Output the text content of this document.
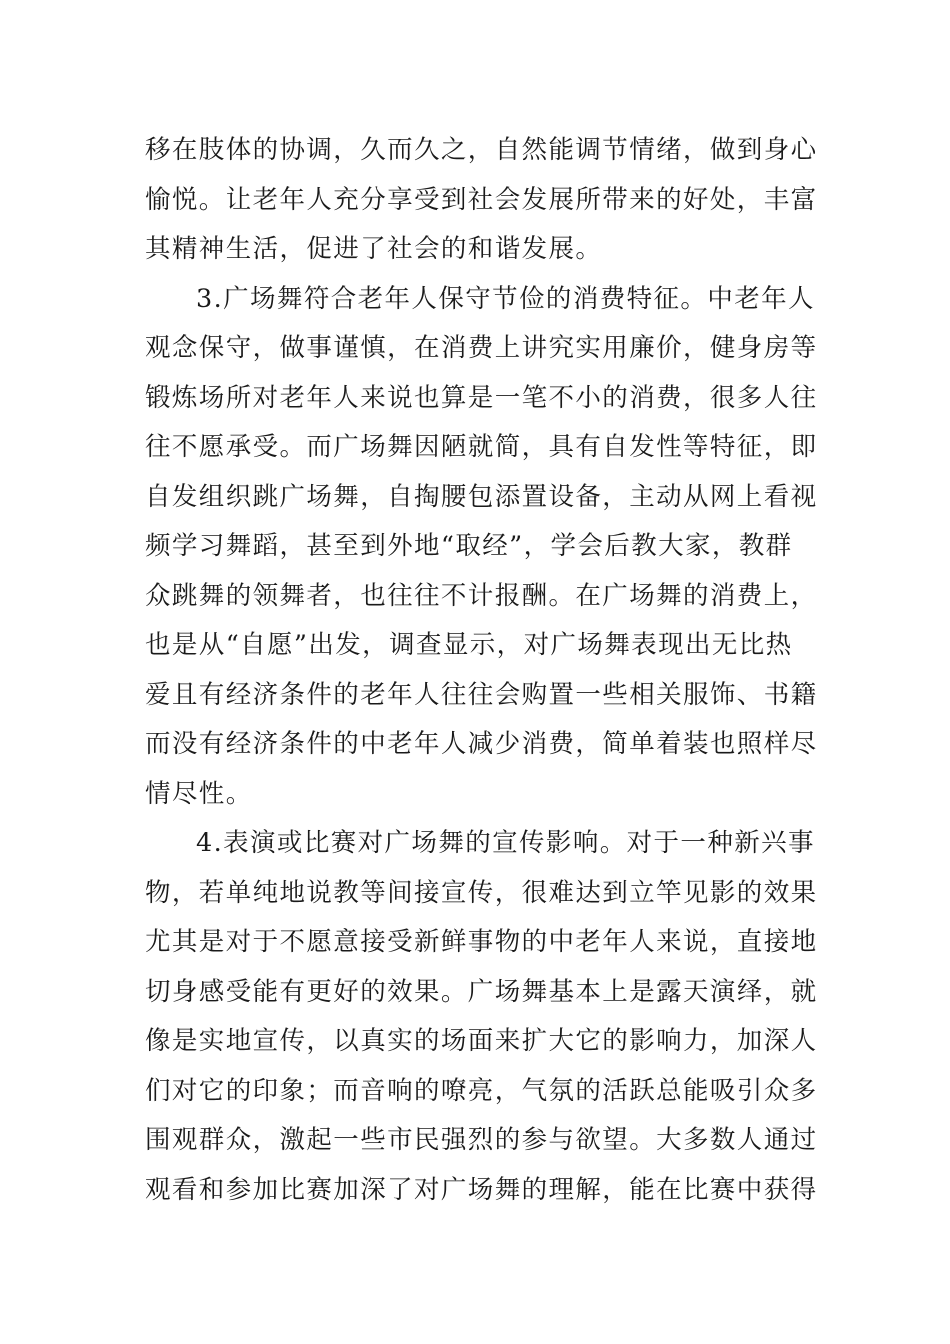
移在肢体的协调，久而久之，自然能调节情绪，做到身心
愉悦。让老年人充分享受到社会发展所带来的好处，丰富
其精神生活，促进了社会的和谐发展。
3.广场舞符合老年人保守节俭的消费特征。中老年人
观念保守，做事谨慎，在消费上讲究实用廉价，健身房等
锻炼场所对老年人来说也算是一笔不小的消费，很多人往
往不愿承受。而广场舞因陋就简，具有自发性等特征，即
自发组织跳广场舞，自掏腰包添置设备，主动从网上看视
频学习舞蹈，甚至到外地“取经”，学会后教大家，教群
众跳舞的领舞者，也往往不计报酬。在广场舞的消费上，
也是从“自愿”出发，调查显示，对广场舞表现出无比热
爱且有经济条件的老年人往往会购置一些相关服饰、书籍
而没有经济条件的中老年人减少消费，简单着装也照样尽
情尽性。
4.表演或比赛对广场舞的宣传影响。对于一种新兴事
物，若单纯地说教等间接宣传，很难达到立竿见影的效果
尤其是对于不愿意接受新鲜事物的中老年人来说，直接地
切身感受能有更好的效果。广场舞基本上是露天演绎，就
像是实地宣传，以真实的场面来扩大它的影响力，加深人
们对它的印象；而音响的嘹亮，气氛的活跃总能吸引众多
围观群众，激起一些市民强烈的参与欲望。大多数人通过
观看和参加比赛加深了对广场舞的理解，能在比赛中获得
